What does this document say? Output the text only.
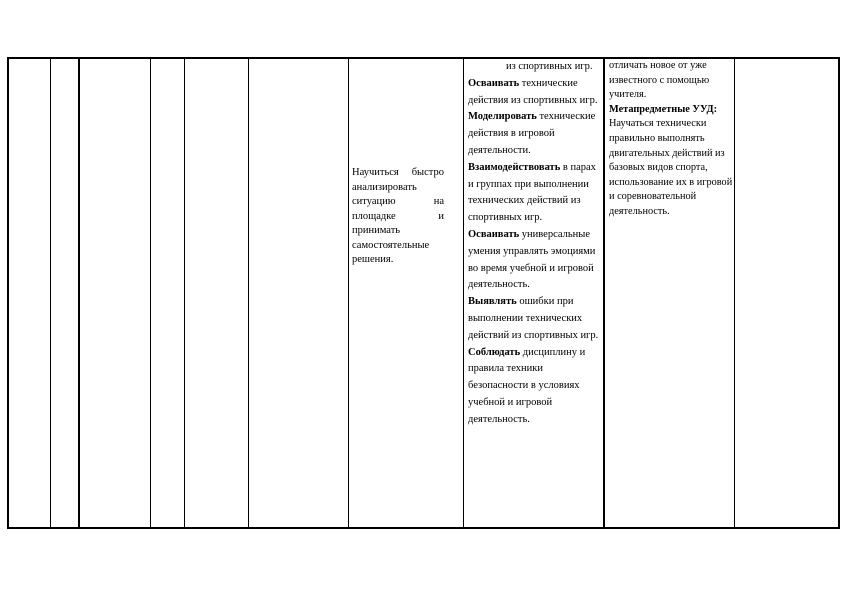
Научиться быстро анализировать ситуацию на площадке и принимать самостоятельные решения.

из спортивных игр.

Осваивать технические действия из спортивных игр.

Моделировать технические действия в игровой деятельности.

Взаимодействовать в парах и группах при выполнении технических действий из спортивных игр.

Осваивать универсальные умения управлять эмоциями во время учебной и игровой деятельность.

Выявлять ошибки при выполнении технических действий из спортивных игр.

Соблюдать дисциплину и правила техники безопасности в условиях учебной и игровой деятельность.

отличать новое от уже известного с помощью учителя.

Метапредметные УУД: Научаться технически правильно выполнять двигательных действий из базовых видов спорта, использование их в игровой и соревновательной деятельность.
